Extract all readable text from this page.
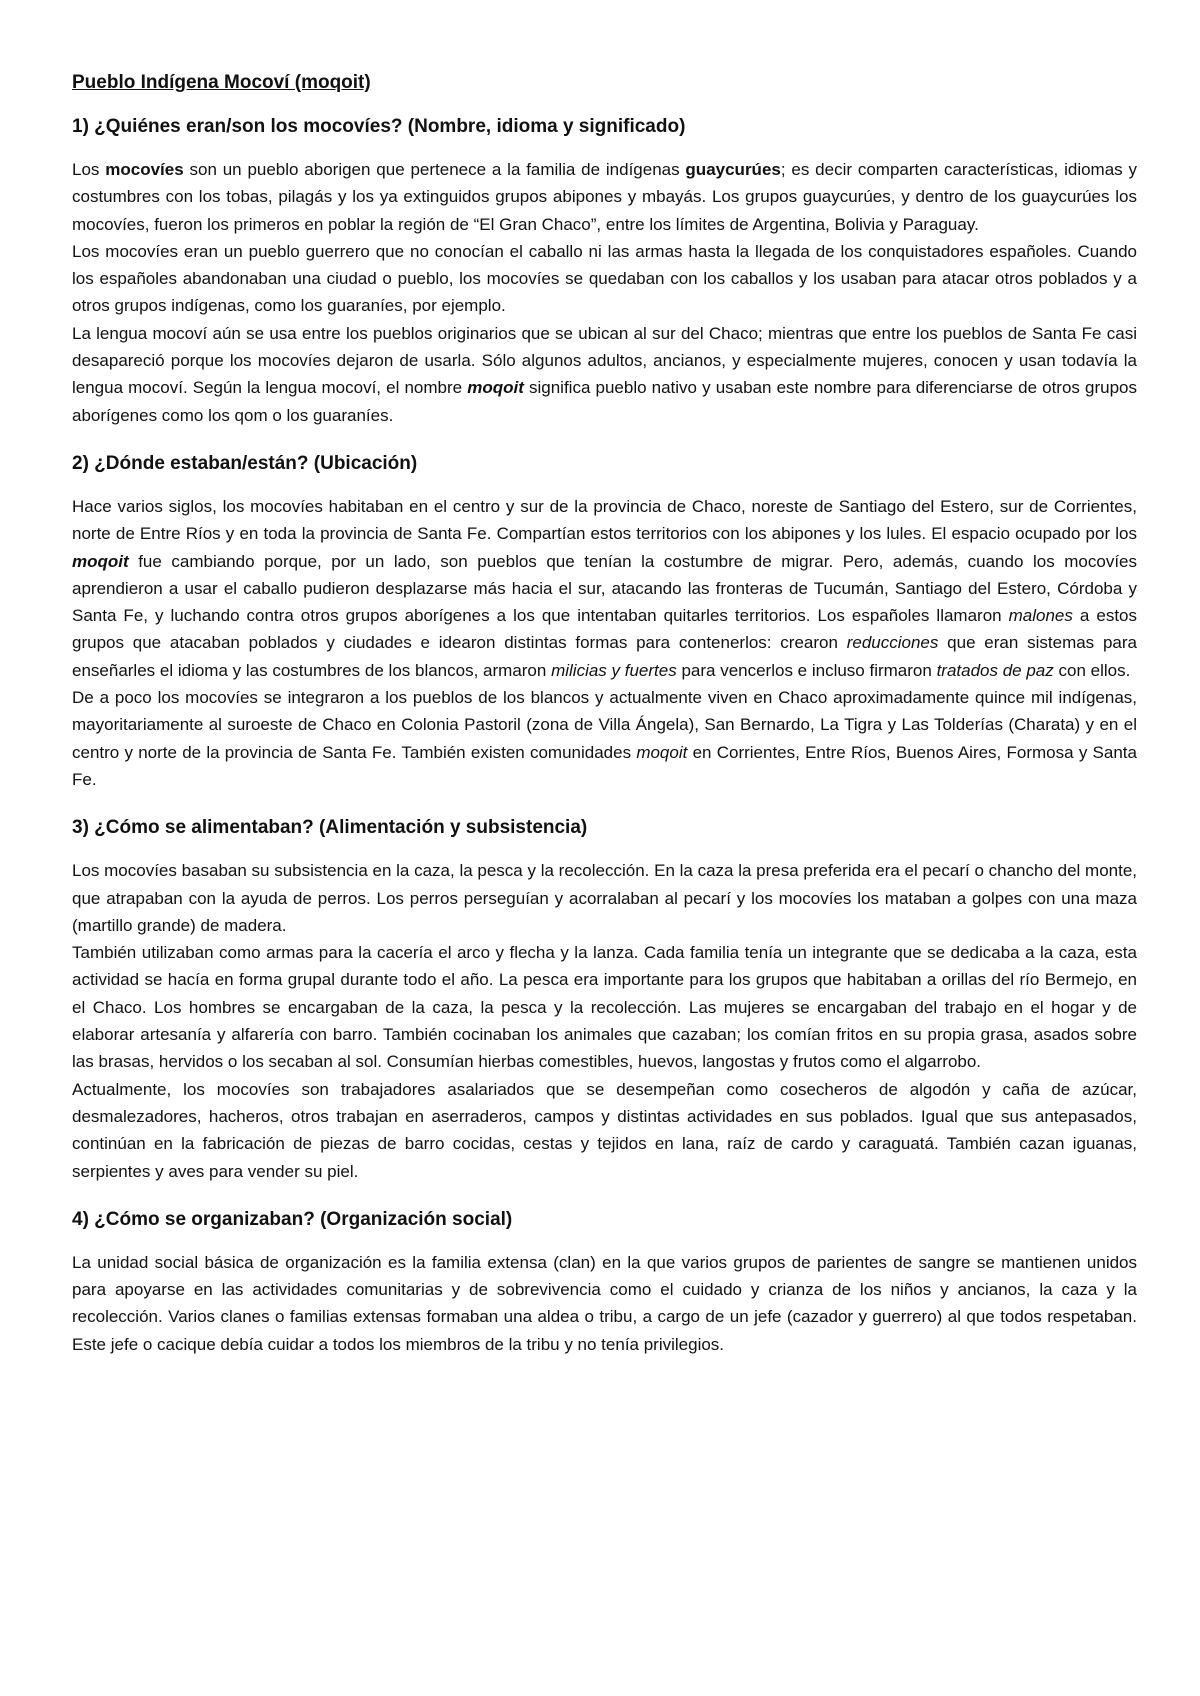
Pueblo Indígena Mocoví (moqoit)
1) ¿Quiénes eran/son los mocovíes? (Nombre, idioma y significado)

Los mocovíes son un pueblo aborigen que pertenece a la familia de indígenas guaycurúes; es decir comparten características, idiomas y costumbres con los tobas, pilagás y los ya extinguidos grupos abipones y mbayás. Los grupos guaycurúes, y dentro de los guaycurúes los mocovíes, fueron los primeros en poblar la región de “El Gran Chaco”, entre los límites de Argentina, Bolivia y Paraguay.

Los mocovíes eran un pueblo guerrero que no conocían el caballo ni las armas hasta la llegada de los conquistadores españoles. Cuando los españoles abandonaban una ciudad o pueblo, los mocovíes se quedaban con los caballos y los usaban para atacar otros poblados y a otros grupos indígenas, como los guaraníes, por ejemplo.

La lengua mocoví aún se usa entre los pueblos originarios que se ubican al sur del Chaco; mientras que entre los pueblos de Santa Fe casi desapareció porque los mocovíes dejaron de usarla. Sólo algunos adultos, ancianos, y especialmente mujeres, conocen y usan todavía la lengua mocoví. Según la lengua mocoví, el nombre moqoit significa pueblo nativo y usaban este nombre para diferenciarse de otros grupos aborígenes como los qom o los guaraníes.

2) ¿Dónde estaban/están? (Ubicación)

Hace varios siglos, los mocovíes habitaban en el centro y sur de la provincia de Chaco, noreste de Santiago del Estero, sur de Corrientes, norte de Entre Ríos y en toda la provincia de Santa Fe. Compartían estos territorios con los abipones y los lules. El espacio ocupado por los moqoit fue cambiando porque, por un lado, son pueblos que tenían la costumbre de migrar. Pero, además, cuando los mocovíes aprendieron a usar el caballo pudieron desplazarse más hacia el sur, atacando las fronteras de Tucumán, Santiago del Estero, Córdoba y Santa Fe, y luchando contra otros grupos aborígenes a los que intentaban quitarles territorios. Los españoles llamaron malones a estos grupos que atacaban poblados y ciudades e idearon distintas formas para contenerlos: crearon reducciones que eran sistemas para enseñarles el idioma y las costumbres de los blancos, armaron milicias y fuertes para vencerlos e incluso firmaron tratados de paz con ellos.

De a poco los mocovíes se integraron a los pueblos de los blancos y actualmente viven en Chaco aproximadamente quince mil indígenas, mayoritariamente al suroeste de Chaco en Colonia Pastoril (zona de Villa Ángela), San Bernardo, La Tigra y Las Tolderías (Charata) y en el centro y norte de la provincia de Santa Fe. También existen comunidades moqoit en Corrientes, Entre Ríos, Buenos Aires, Formosa y Santa Fe.

3) ¿Cómo se alimentaban? (Alimentación y subsistencia)

Los mocovíes basaban su subsistencia en la caza, la pesca y la recolección. En la caza la presa preferida era el pecarí o chancho del monte, que atrapaban con la ayuda de perros. Los perros perseguían y acorralaban al pecarí y los mocovíes los mataban a golpes con una maza (martillo grande) de madera.

También utilizaban como armas para la cacería el arco y flecha y la lanza. Cada familia tenía un integrante que se dedicaba a la caza, esta actividad se hacía en forma grupal durante todo el año. La pesca era importante para los grupos que habitaban a orillas del río Bermejo, en el Chaco. Los hombres se encargaban de la caza, la pesca y la recolección. Las mujeres se encargaban del trabajo en el hogar y de elaborar artesanía y alfarería con barro. También cocinaban los animales que cazaban; los comían fritos en su propia grasa, asados sobre las brasas, hervidos o los secaban al sol. Consumían hierbas comestibles, huevos, langostas y frutos como el algarrobo.

Actualmente, los mocovíes son trabajadores asalariados que se desempeñan como cosecheros de algodón y caña de azúcar, desmalezadores, hacheros, otros trabajan en aserraderos, campos y distintas actividades en sus poblados. Igual que sus antepasados, continúan en la fabricación de piezas de barro cocidas, cestas y tejidos en lana, raíz de cardo y caraguatá. También cazan iguanas, serpientes y aves para vender su piel.

4) ¿Cómo se organizaban? (Organización social)

La unidad social básica de organización es la familia extensa (clan) en la que varios grupos de parientes de sangre se mantienen unidos para apoyarse en las actividades comunitarias y de sobrevivencia como el cuidado y crianza de los niños y ancianos, la caza y la recolección. Varios clanes o familias extensas formaban una aldea o tribu, a cargo de un jefe (cazador y guerrero) al que todos respetaban. Este jefe o cacique debía cuidar a todos los miembros de la tribu y no tenía privilegios.
